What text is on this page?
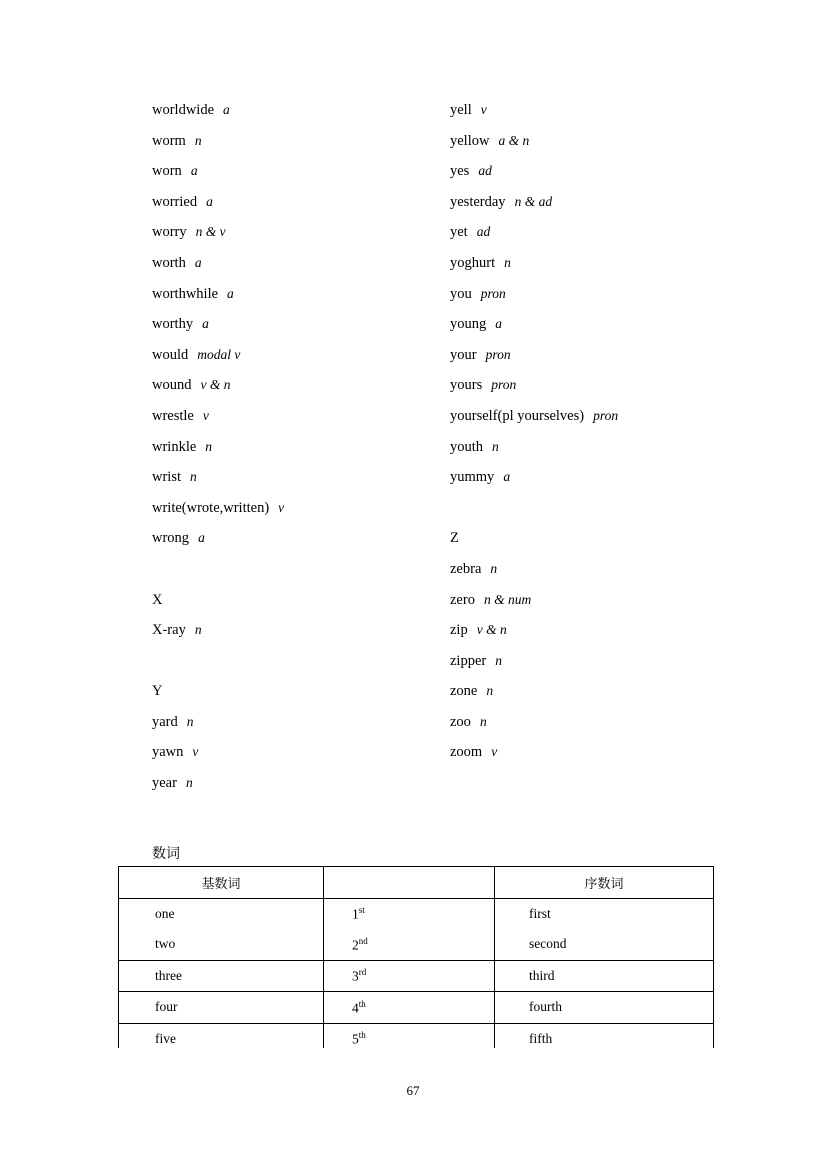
worldwide a
worm n
worn a
worried a
worry n & v
worth a
worthwhile a
worthy a
would modal v
wound v & n
wrestle v
wrinkle n
wrist n
write(wrote,written) v
wrong a

X
X-ray n

Y
yard n
yawn v
year n
yell v
yellow a & n
yes ad
yesterday n & ad
yet ad
yoghurt n
you pron
young a
your pron
yours pron
yourself(pl yourselves) pron
youth n
yummy a

Z
zebra n
zero n & num
zip v & n
zipper n
zone n
zoo n
zoom v
数词
基数词		序数词
one	1st	first
two	2nd	second
three	3rd	third
four	4th	fourth
five	5th	fifth
67
